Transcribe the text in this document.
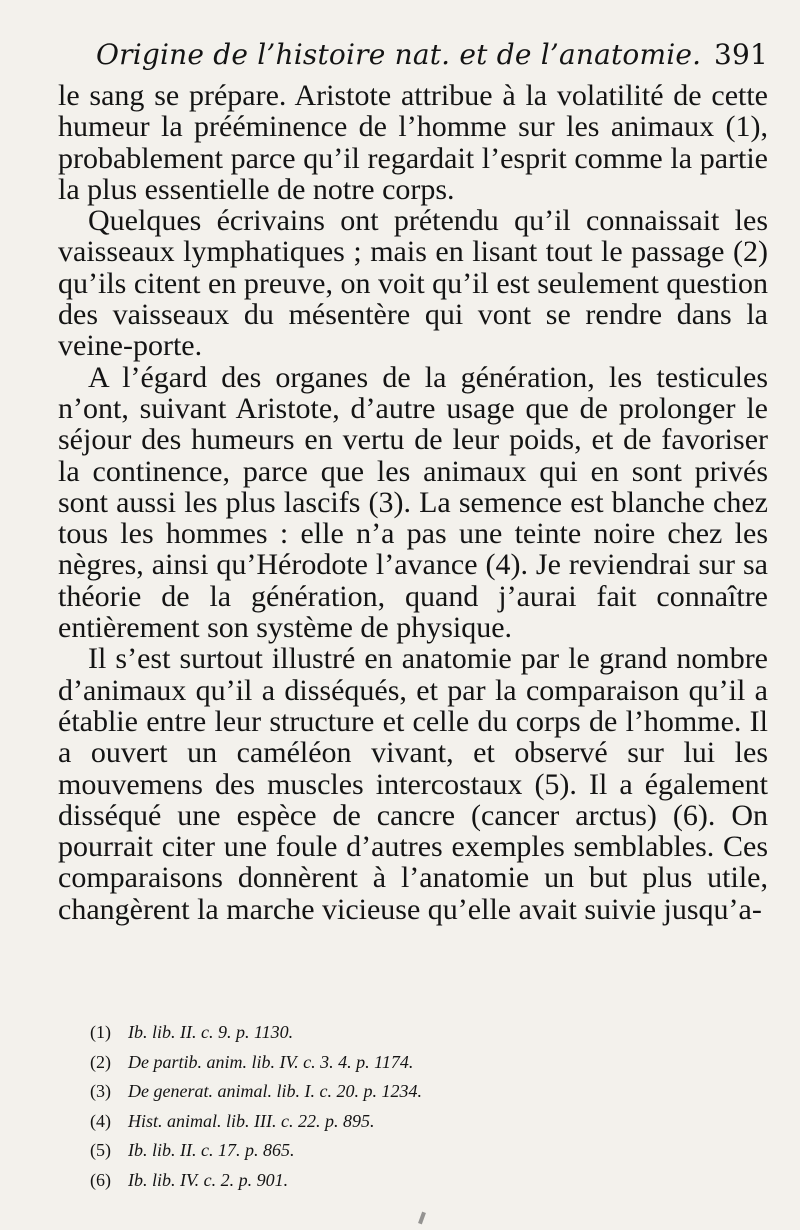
Origine de l’histoire nat. et de l’anatomie. 391

le sang se prépare. Aristote attribue à la volatilité de cette humeur la prééminence de l’homme sur les animaux (1), probablement parce qu’il regardait l’esprit comme la partie la plus essentielle de notre corps.

Quelques écrivains ont prétendu qu’il connaissait les vaisseaux lymphatiques ; mais en lisant tout le passage (2) qu’ils citent en preuve, on voit qu’il est seulement question des vaisseaux du mésentère qui vont se rendre dans la veine-porte.

A l’égard des organes de la génération, les testicules n’ont, suivant Aristote, d’autre usage que de prolonger le séjour des humeurs en vertu de leur poids, et de favoriser la continence, parce que les animaux qui en sont privés sont aussi les plus lascifs (3). La semence est blanche chez tous les hommes : elle n’a pas une teinte noire chez les nègres, ainsi qu’Hérodote l’avance (4). Je reviendrai sur sa théorie de la génération, quand j’aurai fait connaître entièrement son système de physique.

Il s’est surtout illustré en anatomie par le grand nombre d’animaux qu’il a disséqués, et par la comparaison qu’il a établie entre leur structure et celle du corps de l’homme. Il a ouvert un caméléon vivant, et observé sur lui les mouvemens des muscles intercostaux (5). Il a également disséqué une espèce de cancre (cancer arctus) (6). On pourrait citer une foule d’autres exemples semblables. Ces comparaisons donnèrent à l’anatomie un but plus utile, changèrent la marche vicieuse qu’elle avait suivie jusqu’a-

(1) Ib. lib. II. c. 9. p. 1130.
(2) De partib. anim. lib. IV. c. 3. 4. p. 1174.
(3) De generat. animal. lib. I. c. 20. p. 1234.
(4) Hist. animal. lib. III. c. 22. p. 895.
(5) Ib. lib. II. c. 17. p. 865.
(6) Ib. lib. IV. c. 2. p. 901.
